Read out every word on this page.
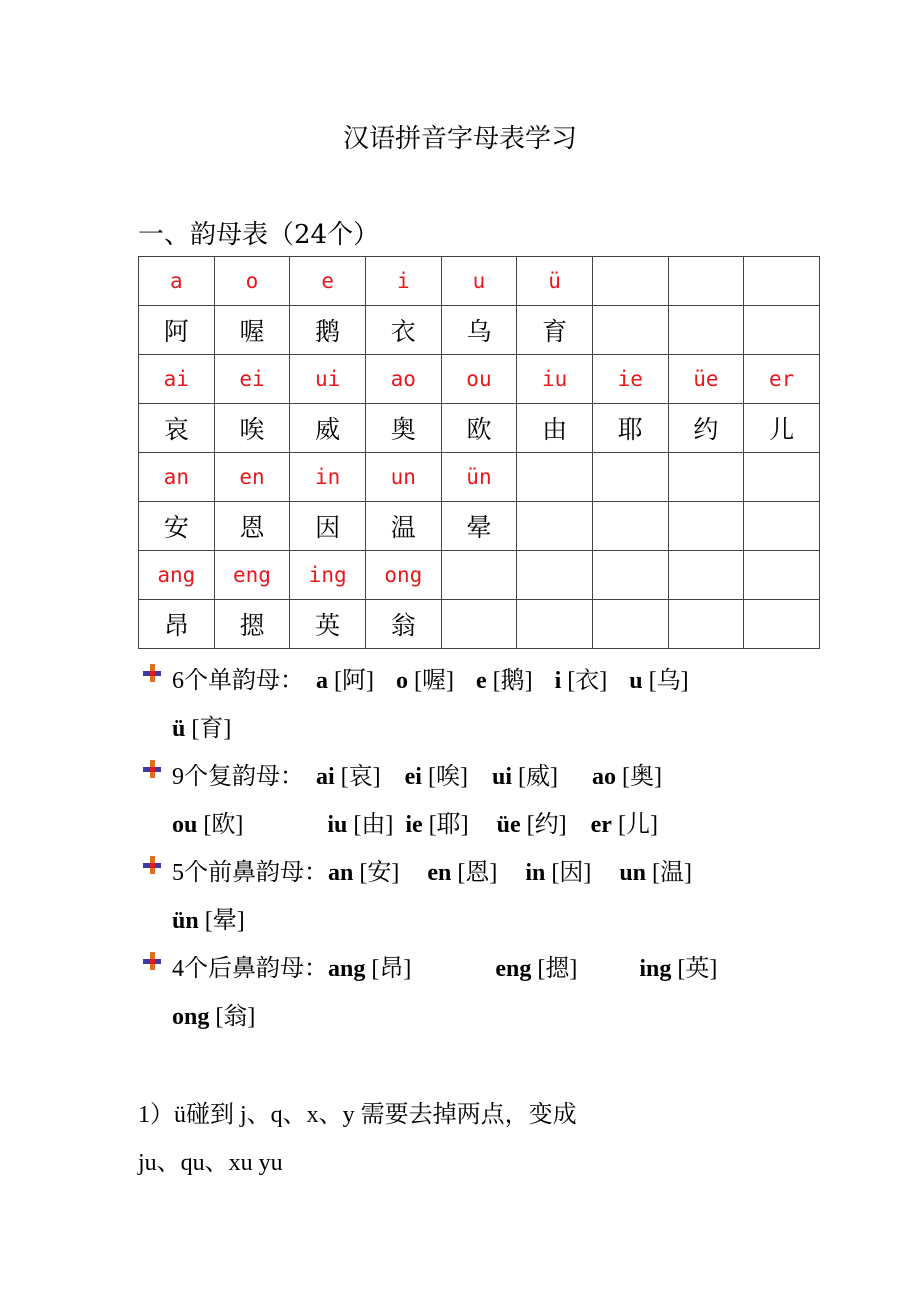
汉语拼音字母表学习
一、韵母表（24个）
a	o	e	i	u	ü			
阿	喔	鹅	衣	乌	育			
ai	ei	ui	ao	ou	iu	ie	üe	er
哀	唉	威	奥	欧	由	耶	约	儿
an	en	in	un	ün				
安	恩	因	温	晕				
ang	eng	ing	ong					
昂	摁	英	翁					
6个单韵母： a [阿] o [喔] e [鹅] i [衣] u [乌]
ü [育]
9个复韵母： ai [哀] ei [唉] ui [威] ao [奥]
ou [欧]	iu [由] ie [耶] üe [约] er [儿]
5个前鼻韵母：an [安] en [恩] in [因] un [温]
ün [晕]
4个后鼻韵母：ang [昂]	eng [摁]	ing [英]
ong [翁]
1）ü碰到 j、q、x、y 需要去掉两点，变成
ju、qu、xu yu
